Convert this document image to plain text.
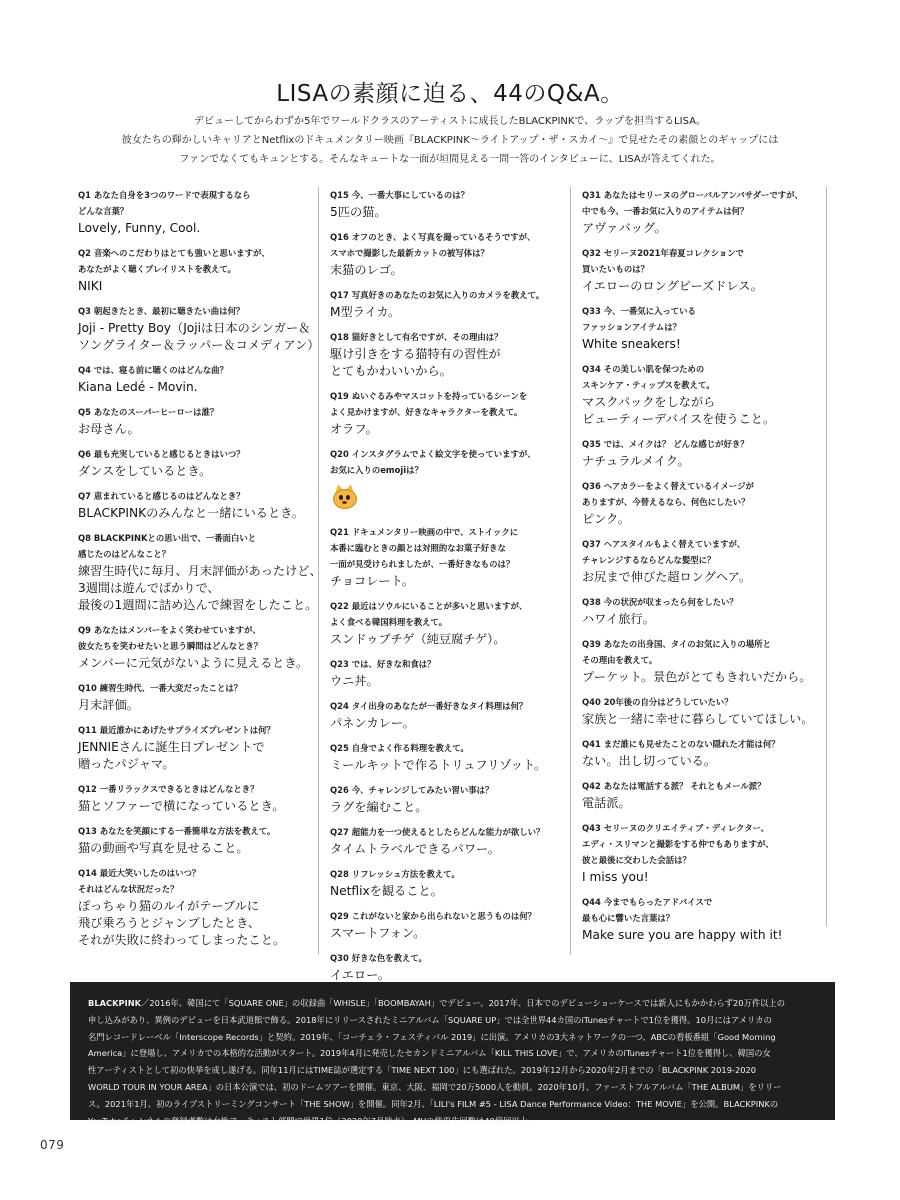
LISAの素顔に迫る、44のQ&A。
デビューしてからわずか5年でワールドクラスのアーティストに成長したBLACKPINKで、ラップを担当するLISA。
彼女たちの輝かしいキャリアとNetflixのドキュメンタリー映画『BLACKPINK〜ライトアップ・ザ・スカイ〜』で見せたその素顔とのギャップには
ファンでなくてもキュンとする。そんなキュートな一面が垣間見える一問一答のインタビューに、LISAが答えてくれた。
Q1 あなた自身を3つのワードで表現するなら
どんな言葉？
Lovely, Funny, Cool.
Q2 音楽へのこだわりはとても強いと思いますが、
あなたがよく聴くプレイリストを教えて。
NIKI
Q3 朝起きたとき、最初に聴きたい曲は何？
Joji - Pretty Boy（Jojiは日本のシンガー＆
ソングライター＆ラッパー＆コメディアン）
Q4 では、寝る前に聴くのはどんな曲？
Kiana Ledé - Movin.
Q5 あなたのスーパーヒーローは誰？
お母さん。
Q6 最も充実していると感じるときはいつ？
ダンスをしているとき。
Q7 恵まれていると感じるのはどんなとき？
BLACKPINKのみんなと一緒にいるとき。
Q8 BLACKPINKとの思い出で、一番面白いと
感じたのはどんなこと？
練習生時代に毎月、月末評価があったけど、
3週間は遊んでばかりで、
最後の1週間に詰め込んで練習をしたこと。
Q9 あなたはメンバーをよく笑わせていますが、
彼女たちを笑わせたいと思う瞬間はどんなとき？
メンバーに元気がないように見えるとき。
Q10 練習生時代、一番大変だったことは？
月末評価。
Q11 最近誰かにあげたサプライズプレゼントは何？
JENNIEさんに誕生日プレゼントで
贈ったパジャマ。
Q12 一番リラックスできるときはどんなとき？
猫とソファーで横になっているとき。
Q13 あなたを笑顔にする一番簡単な方法を教えて。
猫の動画や写真を見せること。
Q14 最近大笑いしたのはいつ？
それはどんな状況だった？
ぽっちゃり猫のルイがテーブルに
飛び乗ろうとジャンプしたとき、
それが失敗に終わってしまったこと。
Q15 今、一番大事にしているのは？
5匹の猫。
Q16 オフのとき、よく写真を撮っているそうですが、
スマホで撮影した最新カットの被写体は？
末猫のレゴ。
Q17 写真好きのあなたのお気に入りのカメラを教えて。
M型ライカ。
Q18 猫好きとして有名ですが、その理由は？
駆け引きをする猫特有の習性が
とてもかわいいから。
Q19 ぬいぐるみやマスコットを持っているシーンを
よく見かけますが、好きなキャラクターを教えて。
オラフ。
Q20 インスタグラムでよく絵文字を使っていますが、
お気に入りのemojiは？
Q21 ドキュメンタリー映画の中で、ストイックに
本番に臨むときの顔とは対照的なお菓子好きな
一面が見受けられましたが、一番好きなものは？
チョコレート。
Q22 最近はソウルにいることが多いと思いますが、
よく食べる韓国料理を教えて。
スンドゥブチゲ（純豆腐チゲ）。
Q23 では、好きな和食は？
ウニ丼。
Q24 タイ出身のあなたが一番好きなタイ料理は何？
パネンカレー。
Q25 自身でよく作る料理を教えて。
ミールキットで作るトリュフリゾット。
Q26 今、チャレンジしてみたい習い事は？
ラグを編むこと。
Q27 超能力を一つ使えるとしたらどんな能力が欲しい？
タイムトラベルできるパワー。
Q28 リフレッシュ方法を教えて。
Netflixを観ること。
Q29 これがないと家から出られないと思うものは何？
スマートフォン。
Q30 好きな色を教えて。
イエロー。
Q31 あなたはセリーヌのグローバルアンバサダーですが、
中でも今、一番お気に入りのアイテムは何？
アヴァバッグ。
Q32 セリーヌ2021年春夏コレクションで
買いたいものは？
イエローのロングビーズドレス。
Q33 今、一番気に入っている
ファッションアイテムは？
White sneakers!
Q34 その美しい肌を保つための
スキンケア・ティップスを教えて。
マスクパックをしながら
ビューティーデバイスを使うこと。
Q35 では、メイクは？ どんな感じが好き？
ナチュラルメイク。
Q36 ヘアカラーをよく替えているイメージが
ありますが、今替えるなら、何色にしたい？
ピンク。
Q37 ヘアスタイルもよく替えていますが、
チャレンジするならどんな髪型に？
お尻まで伸びた超ロングヘア。
Q38 今の状況が収まったら何をしたい？
ハワイ旅行。
Q39 あなたの出身国、タイのお気に入りの場所と
その理由を教えて。
プーケット。景色がとてもきれいだから。
Q40 20年後の自分はどうしていたい？
家族と一緒に幸せに暮らしていてほしい。
Q41 まだ誰にも見せたことのない隠れた才能は何？
ない。出し切っている。
Q42 あなたは電話する派？ それともメール派？
電話派。
Q43 セリーヌのクリエイティブ・ディレクター、
エディ・スリマンと撮影をする仲でもありますが、
彼と最後に交わした会話は？
I miss you!
Q44 今までもらったアドバイスで
最も心に響いた言葉は？
Make sure you are happy with it!
BLACKPINK／2016年、韓国にて「SQUARE ONE」の収録曲「WHISLE」「BOOMBAYAH」でデビュー。2017年、日本でのデビューショーケースでは新人にもかかわらず20万件以上の
申し込みがあり、異例のデビューを日本武道館で飾る。2018年にリリースされたミニアルバム「SQUARE UP」では全世界44カ国のiTunesチャートで1位を獲得。10月にはアメリカの
名門レコードレーベル「Interscope Records」と契約。2019年、「コーチェラ・フェスティバル 2019」に出演。アメリカの3大ネットワークの一つ、ABCの看板番組「Good Morning
America」に登場し、アメリカでの本格的な活動がスタート。2019年4月に発売したセカンドミニアルバム「KILL THIS LOVE」で、アメリカのiTunesチャート1位を獲得し、韓国の女
性アーティストとして初の快挙を成し遂げる。同年11月にはTIME誌が選定する「TIME NEXT 100」にも選ばれた。2019年12月から2020年2月までの「BLACKPINK 2019-2020
WORLD TOUR IN YOUR AREA」の日本公演では、初のドームツアーを開催。東京、大阪、福岡で20万5000人を動員。2020年10月、ファーストフルアルバム「THE ALBUM」をリリー
ス。2021年1月、初のライブストリーミングコンサート「THE SHOW」を開催。同年2月、「LILI's FILM #5 - LISA Dance Performance Video：THE MOVIE」を公開。BLACKPINKの
YouTubeチャンネルの登録者数は女性アーティスト部門で世界1位（2020年7月時点）、MVの総再生回数は40億回以上。
079
